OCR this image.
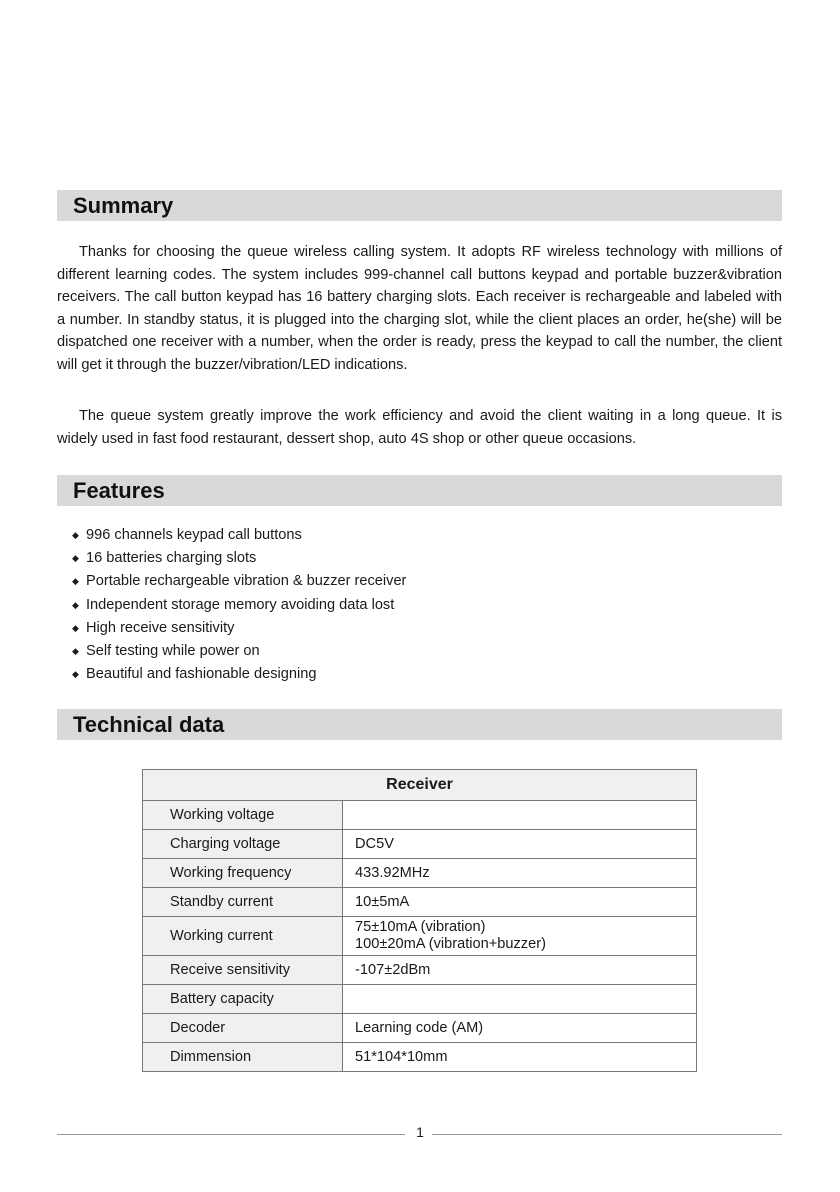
Summary

Thanks for choosing the queue wireless calling system. It adopts RF wireless technology with millions of different learning codes. The system includes 999-channel call buttons keypad and portable buzzer&vibration receivers. The call button keypad has 16 battery charging slots. Each receiver is rechargeable and labeled with a number. In standby status, it is plugged into the charging slot, while the client places an order, he(she) will be dispatched one receiver with a number, when the order is ready, press the keypad to call the number, the client will get it through the buzzer/vibration/LED indications.

The queue system greatly improve the work efficiency and avoid the client waiting in a long queue. It is widely used in fast food restaurant, dessert shop, auto 4S shop or other queue occasions.

Features
◆ 996 channels keypad call buttons
◆ 16 batteries charging slots
◆ Portable rechargeable vibration & buzzer receiver
◆ Independent storage memory avoiding data lost
◆ High receive sensitivity
◆ Self testing while power on
◆ Beautiful and fashionable designing
Technical data
Receiver	
Working voltage	
Charging voltage	DC5V
Working frequency	433.92MHz
Standby current	10±5mA
Working current	75±10mA (vibration)
100±20mA (vibration+buzzer)

Receive sensitivity	-107±2dBm
Battery capacity	
Decoder	Learning code (AM)
Dimmension	51*104*10mm
1
